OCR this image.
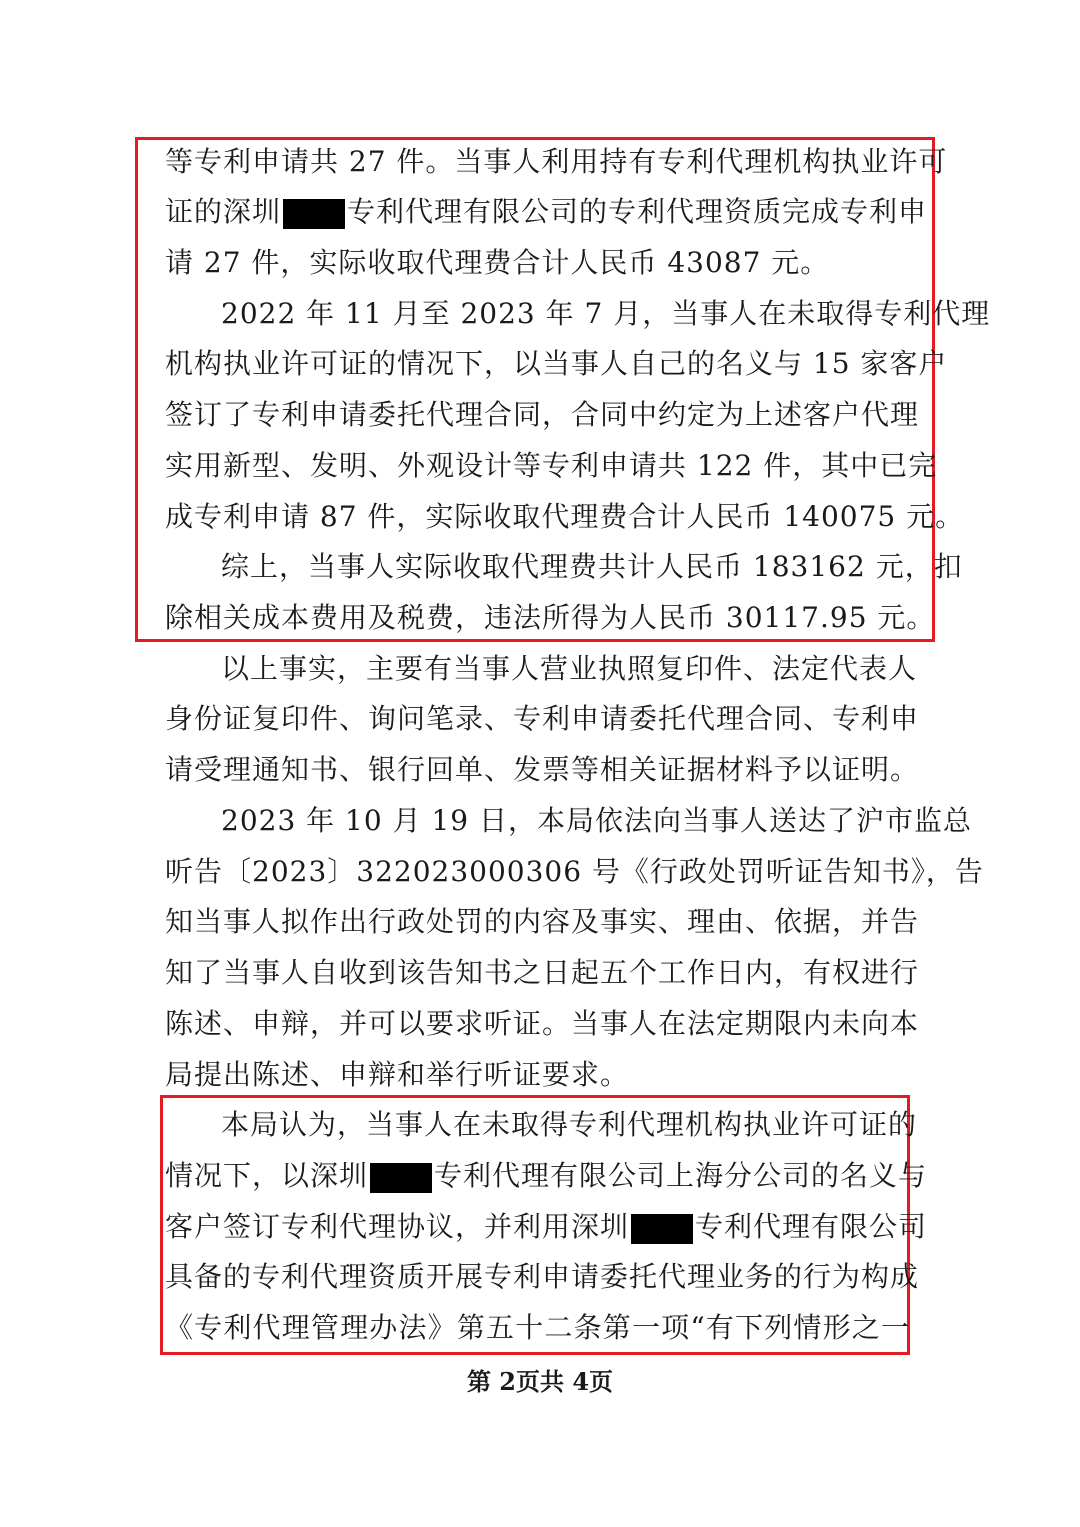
等专利申请共 27 件。当事人利用持有专利代理机构执业许可
证的深圳 专利代理有限公司的专利代理资质完成专利申
请 27 件，实际收取代理费合计人民币 43087 元。
2022 年 11 月至 2023 年 7 月，当事人在未取得专利代理
机构执业许可证的情况下，以当事人自己的名义与 15 家客户
签订了专利申请委托代理合同，合同中约定为上述客户代理
实用新型、发明、外观设计等专利申请共 122 件，其中已完
成专利申请 87 件，实际收取代理费合计人民币 140075 元。
综上，当事人实际收取代理费共计人民币 183162 元，扣
除相关成本费用及税费，违法所得为人民币 30117.95 元。
以上事实，主要有当事人营业执照复印件、法定代表人
身份证复印件、询问笔录、专利申请委托代理合同、专利申
请受理通知书、银行回单、发票等相关证据材料予以证明。
2023 年 10 月 19 日，本局依法向当事人送达了沪市监总
听告〔2023〕322023000306 号《行政处罚听证告知书》，告
知当事人拟作出行政处罚的内容及事实、理由、依据，并告
知了当事人自收到该告知书之日起五个工作日内，有权进行
陈述、申辩，并可以要求听证。当事人在法定期限内未向本
局提出陈述、申辩和举行听证要求。
本局认为，当事人在未取得专利代理机构执业许可证的
情况下，以深圳 专利代理有限公司上海分公司的名义与
客户签订专利代理协议，并利用深圳 专利代理有限公司
具备的专利代理资质开展专利申请委托代理业务的行为构成
《专利代理管理办法》第五十二条第一项“有下列情形之一
第 2页共 4页
